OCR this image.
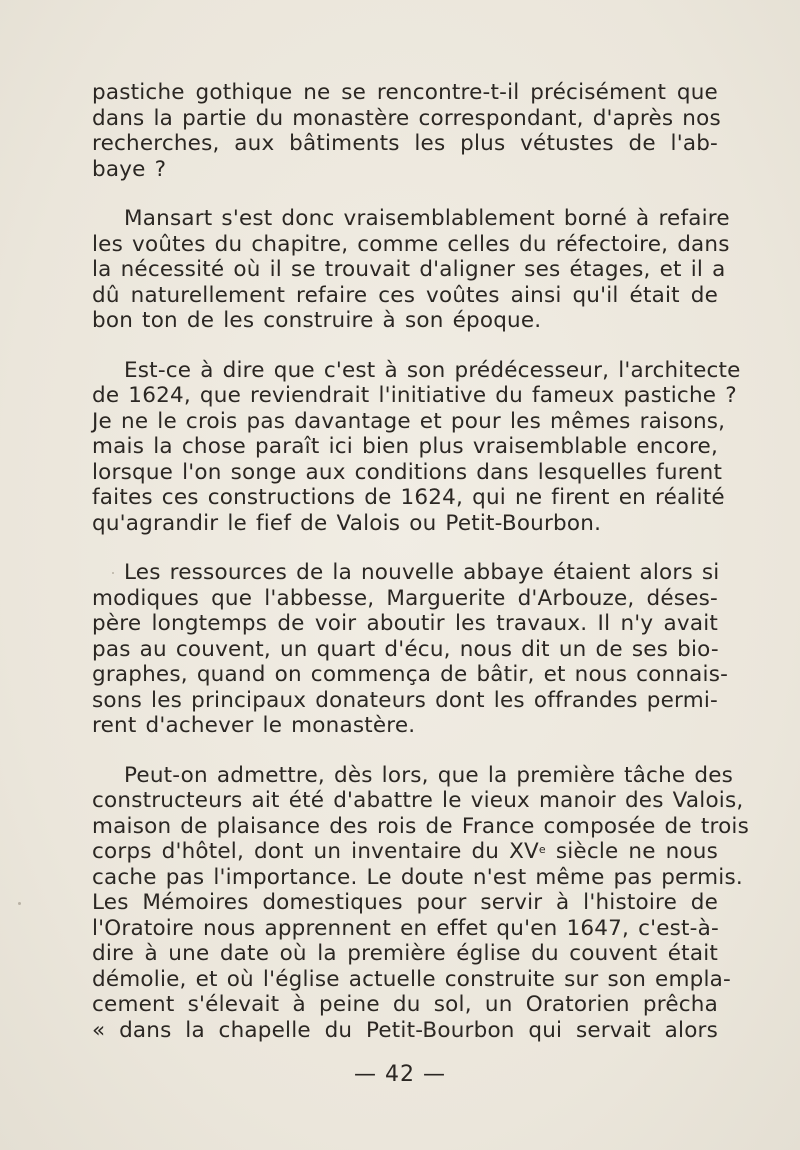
pastiche gothique ne se rencontre-t-il précisément que
dans la partie du monastère correspondant, d'après nos
recherches, aux bâtiments les plus vétustes de l'ab-
baye ?

Mansart s'est donc vraisemblablement borné à refaire
les voûtes du chapitre, comme celles du réfectoire, dans
la nécessité où il se trouvait d'aligner ses étages, et il a
dû naturellement refaire ces voûtes ainsi qu'il était de
bon ton de les construire à son époque.

Est-ce à dire que c'est à son prédécesseur, l'architecte
de 1624, que reviendrait l'initiative du fameux pastiche ?
Je ne le crois pas davantage et pour les mêmes raisons,
mais la chose paraît ici bien plus vraisemblable encore,
lorsque l'on songe aux conditions dans lesquelles furent
faites ces constructions de 1624, qui ne firent en réalité
qu'agrandir le fief de Valois ou Petit-Bourbon.

Les ressources de la nouvelle abbaye étaient alors si
modiques que l'abbesse, Marguerite d'Arbouze, déses-
père longtemps de voir aboutir les travaux. Il n'y avait
pas au couvent, un quart d'écu, nous dit un de ses bio-
graphes, quand on commença de bâtir, et nous connais-
sons les principaux donateurs dont les offrandes permi-
rent d'achever le monastère.

Peut-on admettre, dès lors, que la première tâche des
constructeurs ait été d'abattre le vieux manoir des Valois,
maison de plaisance des rois de France composée de trois
corps d'hôtel, dont un inventaire du XVe siècle ne nous
cache pas l'importance. Le doute n'est même pas permis.
Les Mémoires domestiques pour servir à l'histoire de
l'Oratoire nous apprennent en effet qu'en 1647, c'est-à-
dire à une date où la première église du couvent était
démolie, et où l'église actuelle construite sur son empla-
cement s'élevait à peine du sol, un Oratorien prêcha
« dans la chapelle du Petit-Bourbon qui servait alors

— 42 —
